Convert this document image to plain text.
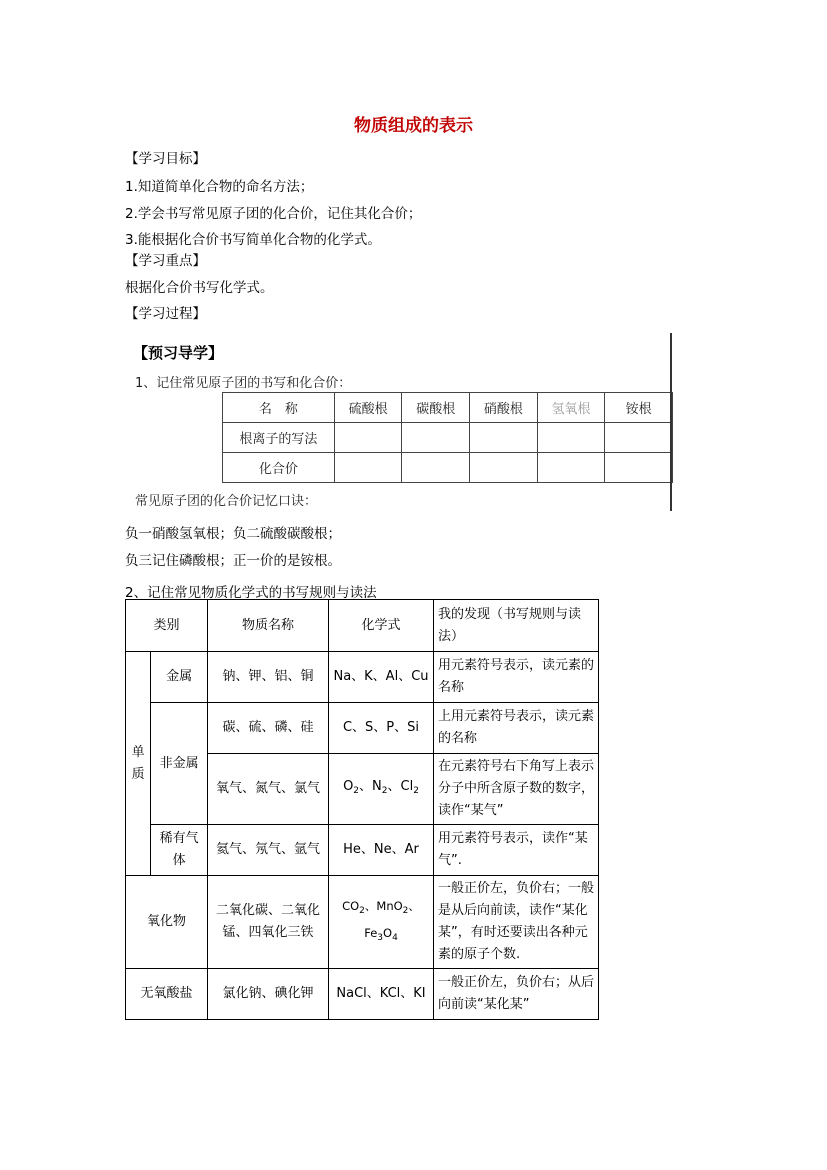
物质组成的表示
【学习目标】
1.知道简单化合物的命名方法；
2.学会书写常见原子团的化合价，记住其化合价；
3.能根据化合价书写简单化合物的化学式。
【学习重点】
根据化合价书写化学式。
【学习过程】
【预习导学】
1、记住常见原子团的书写和化合价：
名　称	硫酸根	碳酸根	硝酸根	氢氧根	铵根
根离子的写法					
化合价					
常见原子团的化合价记忆口诀：
负一硝酸氢氧根；负二硫酸碳酸根；
负三记住磷酸根；正一价的是铵根。
2、记住常见物质化学式的书写规则与读法
类别		物质名称	化学式	我的发现（书写规则与读法）
单质	金属	钠、钾、铝、铜	Na、K、Al、Cu	用元素符号表示，读元素的名称
	非金属	碳、硫、磷、硅	C、S、P、Si	上用元素符号表示，读元素的名称
		氧气、氮气、氯气	$O_2$、$N_2$、$Cl_2$	在元素符号右下角写上表示分子中所含原子数的数字，读作“某气”
	稀有气体	氦气、氖气、氩气	He、Ne、Ar	用元素符号表示，读作“某气”.
氧化物		二氧化碳、二氧化锰、四氧化三铁	$CO_2$、MnO$_2$、$Fe_3O_4$	一般正价左，负价右；一般是从后向前读，读作“某化某”，有时还要读出各种元素的原子个数.
无氧酸盐		氯化钠、碘化钾	NaCl、KCl、KI	一般正价左，负价右；从后向前读“某化某”
